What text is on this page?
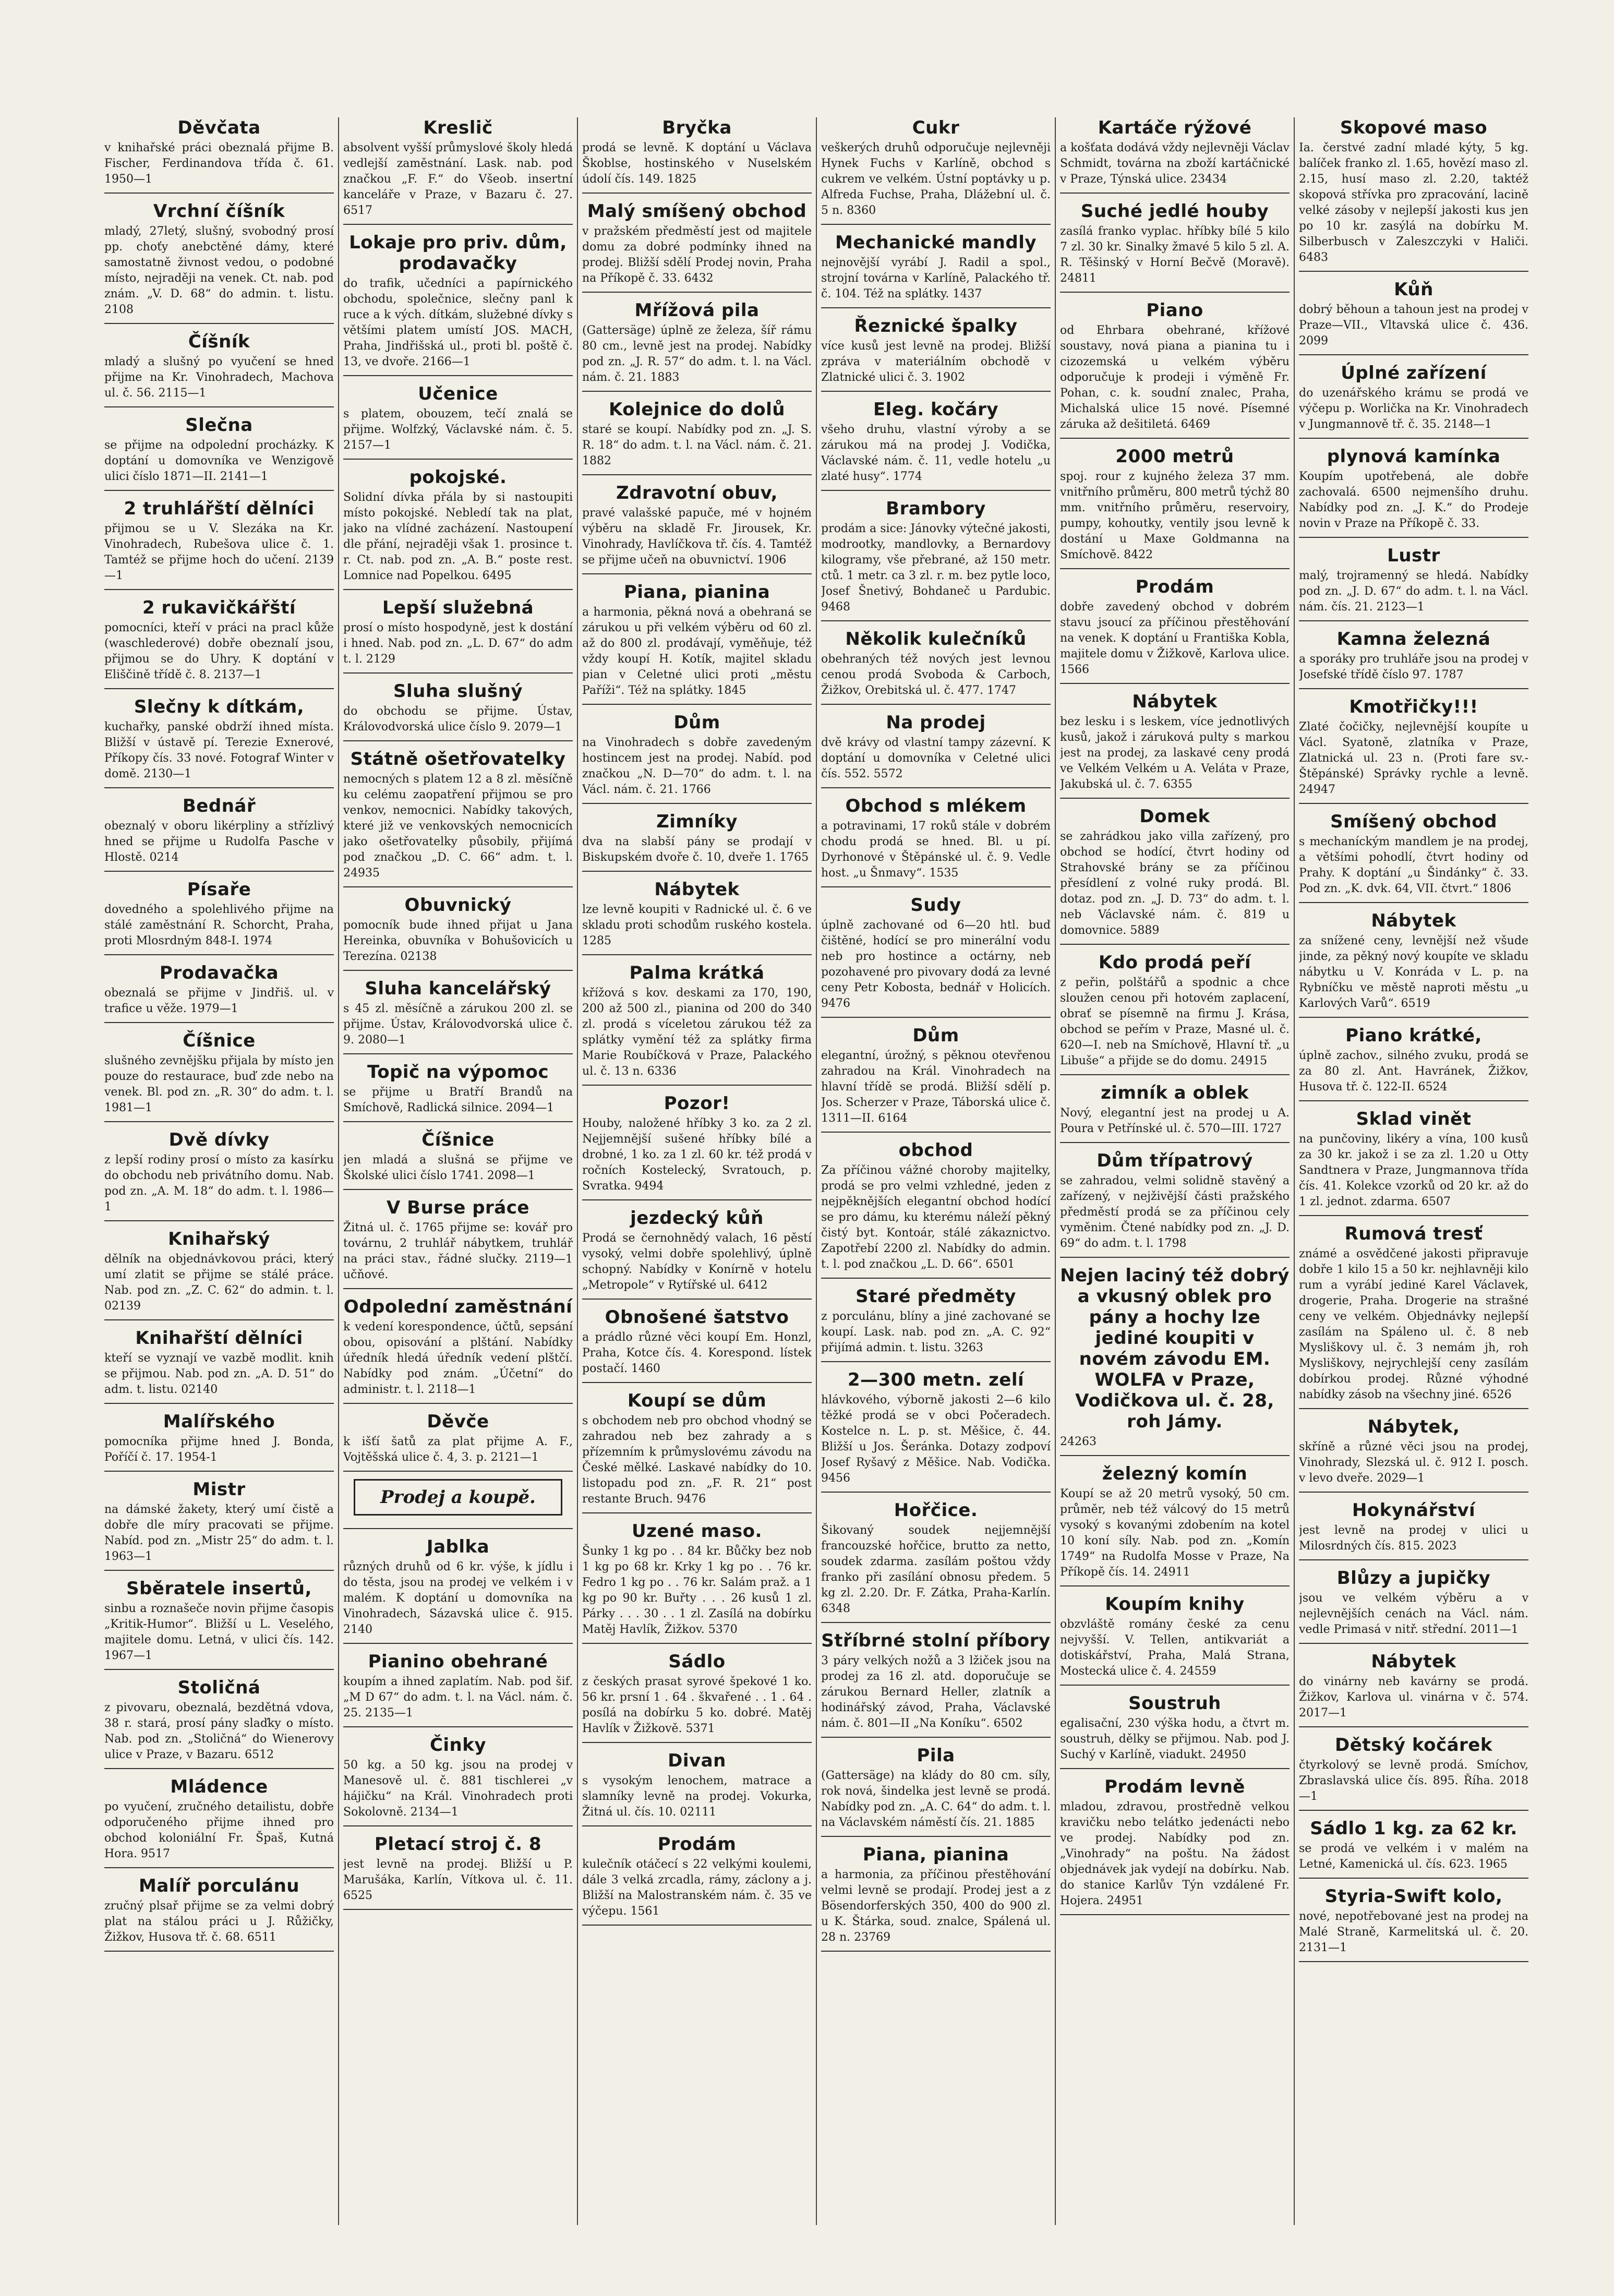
Děvčata

v knihařské práci obeznalá přijme B. Fischer, Ferdinandova třída č. 61. 1950—1

Vrchní číšník

mladý, 27letý, slušný, svobodný prosí pp. choťy anebctěné dámy, které samostatně živnost vedou, o podobné místo, nejraději na venek. Ct. nab. pod znám. „V. D. 68“ do admin. t. listu. 2108

Číšník

mladý a slušný po vyučení se hned přijme na Kr. Vinohradech, Machova ul. č. 56. 2115—1

Slečna

se přijme na odpolední procházky. K doptání u domovníka ve Wenzigově ulici číslo 1871—II. 2141—1

2 truhlářští dělníci

přijmou se u V. Slezáka na Kr. Vinohradech, Rubešova ulice č. 1. Tamtéž se přijme hoch do učení. 2139—1

2 rukavičkářští

pomocníci, kteří v práci na pracl kůže (waschlederové) dobře obeznalí jsou, přijmou se do Uhry. K doptání v Eliščině třídě č. 8. 2137—1

Slečny k dítkám,

kuchařky, panské obdrží ihned místa. Bližší v ústavě pí. Terezie Exnerové, Příkopy čís. 33 nové. Fotograf Winter v domě. 2130—1

Bednář

obeznalý v oboru likérpliny a střízlivý hned se přijme u Rudolfa Pasche v Hlostě. 0214

Písaře

dovedného a spolehlivého přijme na stálé zaměstnání R. Schorcht, Praha, proti Mlosrdným 848-I. 1974

Prodavačka

obeznalá se přijme v Jindřiš. ul. v trafice u věže. 1979—1

Číšnice

slušného zevnějšku přijala by místo jen pouze do restaurace, buď zde nebo na venek. Bl. pod zn. „R. 30“ do adm. t. l. 1981—1

Dvě dívky

z lepší rodiny prosí o místo za kasírku do obchodu neb privátního domu. Nab. pod zn. „A. M. 18“ do adm. t. l. 1986—1

Knihařský

dělník na objednávkovou práci, který umí zlatit se přijme se stálé práce. Nab. pod zn. „Z. C. 62“ do admin. t. l. 02139

Knihařští dělníci

kteří se vyznají ve vazbě modlit. knih se přijmou. Nab. pod zn. „A. D. 51“ do adm. t. listu. 02140

Malířského

pomocníka přijme hned J. Bonda, Poříčí č. 17. 1954-1

Mistr

na dámské žakety, který umí čistě a dobře dle míry pracovati se přijme. Nabíd. pod zn. „Mistr 25“ do adm. t. l. 1963—1

Sběratele insertů,

sinbu a roznašeče novin přijme časopis „Kritik-Humor“. Bližší u L. Veselého, majitele domu. Letná, v ulici čís. 142. 1967—1

Stoličná

z pivovaru, obeznalá, bezdětná vdova, 38 r. stará, prosí pány slaďky o místo. Nab. pod zn. „Stoličná“ do Wienerovy ulice v Praze, v Bazaru. 6512

Mládence

po vyučení, zručného detailistu, dobře odporučeného přijme ihned pro obchod koloniální Fr. Špaš, Kutná Hora. 9517

Malíř porculánu

zručný plsař přijme se za velmi dobrý plat na stálou práci u J. Růžičky, Žižkov, Husova tř. č. 68. 6511

Kreslič

absolvent vyšší průmyslové školy hledá vedlejší zaměstnání. Lask. nab. pod značkou „F. F.“ do Všeob. insertní kanceláře v Praze, v Bazaru č. 27. 6517

Lokaje pro priv. dům, prodavačky

do trafik, učedníci a papírnického obchodu, společnice, slečny panl k ruce a k vých. dítkám, služebné dívky s většími platem umístí JOS. MACH, Praha, Jindřišská ul., proti bl. poště č. 13, ve dvoře. 2166—1

Učenice

s platem, obouzem, tečí znalá se přijme. Wolfzký, Václavské nám. č. 5. 2157—1

pokojské.

Solidní dívka přála by si nastoupiti místo pokojské. Nebledí tak na plat, jako na vlídné zacházení. Nastoupení dle přání, nejraději však 1. prosince t. r. Ct. nab. pod zn. „A. B.“ poste rest. Lomnice nad Popelkou. 6495

Lepší služebná

prosí o místo hospodyně, jest k dostání i hned. Nab. pod zn. „L. D. 67“ do adm t. l. 2129

Sluha slušný

do obchodu se přijme. Ústav, Královodvorská ulice číslo 9. 2079—1

Státně ošetřovatelky

nemocných s platem 12 a 8 zl. měsíčně ku celému zaopatření přijmou se pro venkov, nemocnici. Nabídky takových, které již ve venkovských nemocnicích jako ošetřovatelky působily, přijímá pod značkou „D. C. 66“ adm. t. l. 24935

Obuvnický

pomocník bude ihned přijat u Jana Hereinka, obuvníka v Bohušovicích u Terezína. 02138

Sluha kancelářský

s 45 zl. měsíčně a zárukou 200 zl. se přijme. Ústav, Královodvorská ulice č. 9. 2080—1

Topič na výpomoc

se přijme u Bratří Brandů na Smíchově, Radlická silnice. 2094—1

Číšnice

jen mladá a slušná se přijme ve Školské ulici číslo 1741. 2098—1

V Burse práce

Žitná ul. č. 1765 přijme se: kovář pro továrnu, 2 truhlář nábytkem, truhlář na práci stav., řádné slučky. 2119—1 učňové.

Odpolední zaměstnání

k vedení korespondence, účtů, sepsání obou, opisování a plštání. Nabídky úředník hledá úředník vedení plštčí. Nabídky pod znám. „Účetní“ do administr. t. l. 2118—1

Děvče

k išťí šatů za plat přijme A. F., Vojtěšská ulice č. 4, 3. p. 2121—1

Prodej a koupě.
Jablka

různých druhů od 6 kr. výše, k jídlu i do těsta, jsou na prodej ve velkém i v malém. K doptání u domovníka na Vinohradech, Sázavská ulice č. 915. 2140

Pianino obehrané

koupím a ihned zaplatím. Nab. pod šif. „M D 67“ do adm. t. l. na Václ. nám. č. 25. 2135—1

Činky

50 kg. a 50 kg. jsou na prodej v Manesově ul. č. 881 tischlerei „v hájičku“ na Král. Vinohradech proti Sokolovně. 2134—1

Pletací stroj č. 8

jest levně na prodej. Bližší u P. Marušáka, Karlín, Vítkova ul. č. 11. 6525

Bryčka

prodá se levně. K doptání u Václava Škoblse, hostinského v Nuselském údolí čís. 149. 1825

Malý smíšený obchod

v pražském předměstí jest od majitele domu za dobré podmínky ihned na prodej. Bližší sdělí Prodej novin, Praha na Příkopě č. 33. 6432

Mřížová pila

(Gattersäge) úplně ze železa, šíř rámu 80 cm., levně jest na prodej. Nabídky pod zn. „J. R. 57“ do adm. t. l. na Václ. nám. č. 21. 1883

Kolejnice do dolů

staré se koupí. Nabídky pod zn. „J. S. R. 18“ do adm. t. l. na Václ. nám. č. 21. 1882

Zdravotní obuv,

pravé valašské papuče, mé v hojném výběru na skladě Fr. Jirousek, Kr. Vinohrady, Havlíčkova tř. čís. 4. Tamtéž se přijme učeň na obuvnictví. 1906

Piana, pianina

a harmonia, pěkná nová a obehraná se zárukou u při velkém výběru od 60 zl. až do 800 zl. prodávají, vyměňuje, též vždy koupí H. Kotík, majitel skladu pian v Celetné ulici proti „městu Paříži“. Též na splátky. 1845

Dům

na Vinohradech s dobře zavedeným hostincem jest na prodej. Nabíd. pod značkou „N. D—70“ do adm. t. l. na Václ. nám. č. 21. 1766

Zimníky

dva na slabší pány se prodají v Biskupském dvoře č. 10, dveře 1. 1765

Nábytek

lze levně koupiti v Radnické ul. č. 6 ve skladu proti schodům ruského kostela. 1285

Palma krátká

křížová s kov. deskami za 170, 190, 200 až 500 zl., pianina od 200 do 340 zl. prodá s víceletou zárukou též za splátky vymění též za splátky firma Marie Roubíčková v Praze, Palackého ul. č. 13 n. 6336

Pozor!

Houby, naložené hříbky 3 ko. za 2 zl. Nejjemnější sušené hříbky bílé a drobné, 1 ko. za 1 zl. 60 kr. též prodá v ročních Kostelecký, Svratouch, p. Svratka. 9494

jezdecký kůň

Prodá se černohnědý valach, 16 pěstí vysoký, velmi dobře spolehlivý, úplně schopný. Nabídky v Konírně v hotelu „Metropole“ v Rytířské ul. 6412

Obnošené šatstvo

a prádlo různé věci koupí Em. Honzl, Praha, Kotce čís. 4. Korespond. lístek postačí. 1460

Koupí se dům

s obchodem neb pro obchod vhodný se zahradou neb bez zahrady a s přízemním k průmyslovému závodu na České mělké. Laskavé nabídky do 10. listopadu pod zn. „F. R. 21“ post restante Bruch. 9476

Uzené maso.

Šunky 1 kg po . . 84 kr. Bůčky bez nob 1 kg po 68 kr. Krky 1 kg po . . 76 kr. Fedro 1 kg po . . 76 kr. Salám praž. a 1 kg po 90 kr. Buřty . . . 26 kusů 1 zl. Párky . . . 30 . . 1 zl. Zasílá na dobírku Matěj Havlík, Žižkov. 5370

Sádlo

z českých prasat syrové špekové 1 ko. 56 kr. prsní 1 . 64 . škvařené . . 1 . 64 . posílá na dobírku 5 ko. dobré. Matěj Havlík v Žižkově. 5371

Divan

s vysokým lenochem, matrace a slamníky levně na prodej. Vokurka, Žitná ul. čís. 10. 02111

Prodám

kulečník otáčecí s 22 velkými koulemi, dále 3 velká zrcadla, rámy, záclony a j. Bližší na Malostranském nám. č. 35 ve výčepu. 1561

Cukr

veškerých druhů odporučuje nejlevněji Hynek Fuchs v Karlíně, obchod s cukrem ve velkém. Ústní poptávky u p. Alfreda Fuchse, Praha, Dlážební ul. č. 5 n. 8360

Mechanické mandly

nejnovější vyrábí J. Radil a spol., strojní továrna v Karlíně, Palackého tř. č. 104. Též na splátky. 1437

Řeznické špalky

více kusů jest levně na prodej. Bližší zpráva v materiálním obchodě v Zlatnické ulici č. 3. 1902

Eleg. kočáry

všeho druhu, vlastní výroby a se zárukou má na prodej J. Vodička, Václavské nám. č. 11, vedle hotelu „u zlaté husy“. 1774

Brambory

prodám a sice: Jánovky výtečné jakosti, modrootky, mandlovky, a Bernardovy kilogramy, vše přebrané, až 150 metr. ctů. 1 metr. ca 3 zl. r. m. bez pytle loco, Josef Šnetivý, Bohdaneč u Pardubic. 9468

Několik kulečníků

obehraných též nových jest levnou cenou prodá Svoboda & Carboch, Žižkov, Orebitská ul. č. 477. 1747

Na prodej

dvě krávy od vlastní tampy zázevní. K doptání u domovníka v Celetné ulici čís. 552. 5572

Obchod s mlékem

a potravinami, 17 roků stále v dobrém chodu prodá se hned. Bl. u pí. Dyrhonové v Štěpánské ul. č. 9. Vedle host. „u Šnmavy“. 1535

Sudy

úplně zachované od 6—20 htl. buď čištěné, hodící se pro minerální vodu neb pro hostince a octárny, neb pozohavené pro pivovary dodá za levné ceny Petr Kobosta, bednář v Holicích. 9476

Dům

elegantní, úrožný, s pěknou otevřenou zahradou na Král. Vinohradech na hlavní třídě se prodá. Bližší sdělí p. Jos. Scherzer v Praze, Táborská ulice č. 1311—II. 6164

obchod

Za příčinou vážné choroby majitelky, prodá se pro velmi vzhledné, jeden z nejpěknějších elegantní obchod hodící se pro dámu, ku kterému náleží pěkný čistý byt. Kontoár, stálé zákaznictvo. Zapotřebí 2200 zl. Nabídky do admin. t. l. pod značkou „L. D. 66“. 6501

Staré předměty

z porculánu, blíny a jiné zachované se koupí. Lask. nab. pod zn. „A. C. 92“ přijímá admin. t. listu. 3263

2—300 metn. zelí

hlávkového, výborně jakosti 2—6 kilo těžké prodá se v obci Počeradech. Kostelce n. L. p. st. Měšice, č. 44. Bližší u Jos. Šeránka. Dotazy zodpoví Josef Ryšavý z Měšice. Nab. Vodička. 9456

Hořčice.

Šikovaný soudek nejjemnější francouzské hořčice, brutto za netto, soudek zdarma. zasílám poštou vždy franko při zasílání obnosu předem. 5 kg zl. 2.20. Dr. F. Zátka, Praha-Karlín. 6348

Stříbrné stolní příbory

3 páry velkých nožů a 3 lžiček jsou na prodej za 16 zl. atd. doporučuje se zárukou Bernard Heller, zlatník a hodinářský závod, Praha, Václavské nám. č. 801—II „Na Koníku“. 6502

Pila

(Gattersäge) na klády do 80 cm. síly, rok nová, šindelka jest levně se prodá. Nabídky pod zn. „A. C. 64“ do adm. t. l. na Václavském náměstí čís. 21. 1885

Piana, pianina

a harmonia, za příčinou přestěhování velmi levně se prodají. Prodej jest a z Bösendorferských 350, 400 do 900 zl. u K. Štárka, soud. znalce, Spálená ul. 28 n. 23769

Kartáče rýžové

a košťata dodává vždy nejlevněji Václav Schmidt, továrna na zboží kartáčnické v Praze, Týnská ulice. 23434

Suché jedlé houby

zasílá franko vyplac. hříbky bílé 5 kilo 7 zl. 30 kr. Sinalky žmavé 5 kilo 5 zl. A. R. Těšinský v Horní Bečvě (Moravě). 24811

Piano

od Ehrbara obehrané, křížové soustavy, nová piana a pianina tu i cizozemská u velkém výběru odporučuje k prodeji i výměně Fr. Pohan, c. k. soudní znalec, Praha, Michalská ulice 15 nové. Písemné záruka až dešitiletá. 6469

2000 metrů

spoj. rour z kujného železa 37 mm. vnitřního průměru, 800 metrů týchž 80 mm. vnitřního průměru, reservoiry, pumpy, kohoutky, ventily jsou levně k dostání u Maxe Goldmanna na Smíchově. 8422

Prodám

dobře zavedený obchod v dobrém stavu jsoucí za příčinou přestěhování na venek. K doptání u Františka Kobla, majitele domu v Žižkově, Karlova ulice. 1566

Nábytek

bez lesku i s leskem, více jednotlivých kusů, jakož i záruková pulty s markou jest na prodej, za laskavé ceny prodá ve Velkém Velkém u A. Veláta v Praze, Jakubská ul. č. 7. 6355

Domek

se zahrádkou jako villa zařízený, pro obchod se hodící, čtvrt hodiny od Strahovské brány se za příčinou přesídlení z volné ruky prodá. Bl. dotaz. pod zn. „J. D. 73“ do adm. t. l. neb Václavské nám. č. 819 u domovnice. 5889

Kdo prodá peří

z peřin, polštářů a spodnic a chce sloužen cenou při hotovém zaplacení, obrať se písemně na firmu J. Krása, obchod se peřím v Praze, Masné ul. č. 620—I. neb na Smíchově, Hlavní tř. „u Libuše“ a přijde se do domu. 24915

zimník a oblek

Nový, elegantní jest na prodej u A. Poura v Petřínské ul. č. 570—III. 1727

Dům třípatrový

se zahradou, velmi solidně stavěný a zařízený, v nejživější části pražského předměstí prodá se za příčinou cely vyměnim. Čtené nabídky pod zn. „J. D. 69“ do adm. t. l. 1798

Nejen laciný též dobrý a vkusný oblek pro pány a hochy lze jediné koupiti v novém závodu EM. WOLFA v Praze, Vodičkova ul. č. 28, roh Jámy.

24263

železný komín

Koupí se až 20 metrů vysoký, 50 cm. průměr, neb též válcový do 15 metrů vysoký s kovanými zdobením na kotel 10 koní síly. Nab. pod zn. „Komín 1749“ na Rudolfa Mosse v Praze, Na Příkopě čís. 14. 24911

Koupím knihy

obzvláště romány české za cenu nejvyšší. V. Tellen, antikvariát a dotiskářství, Praha, Malá Strana, Mostecká ulice č. 4. 24559

Soustruh

egalisační, 230 výška hodu, a čtvrt m. soustruh, dělky se přijmou. Nab. pod J. Suchý v Karlíně, viadukt. 24950

Prodám levně

mladou, zdravou, prostředně velkou kravičku nebo telátko jedenácti nebo ve prodej. Nabídky pod zn. „Vinohrady“ na poštu. Na žádost objednávek jak vydejí na dobírku. Nab. do stanice Karlův Týn vzdálené Fr. Hojera. 24951

Skopové maso

Ia. čerstvé zadní mladé kýty, 5 kg. balíček franko zl. 1.65, hovězí maso zl. 2.15, husí maso zl. 2.20, taktéž skopová střívka pro zpracování, lacině velké zásoby v nejlepší jakosti kus jen po 10 kr. zasýlá na dobírku M. Silberbusch v Zaleszczyki v Haliči. 6483

Kůň

dobrý běhoun a tahoun jest na prodej v Praze—VII., Vltavská ulice č. 436. 2099

Úplné zařízení

do uzenářského krámu se prodá ve výčepu p. Worličkа na Kr. Vinohradech v Jungmannově tř. č. 35. 2148—1

plynová kamínka

Koupím upotřebená, ale dobře zachovalá. 6500 nejmenšího druhu. Nabídky pod zn. „J. K.“ do Prodeje novin v Praze na Příkopě č. 33.

Lustr

malý, trojramenný se hledá. Nabídky pod zn. „J. D. 67“ do adm. t. l. na Václ. nám. čís. 21. 2123—1

Kamna železná

a sporáky pro truhláře jsou na prodej v Josefské třídě číslo 97. 1787

Kmotřičky!!!

Zlaté čočičky, nejlevnější koupíte u Václ. Syatoně, zlatníka v Praze, Zlatnická ul. 23 n. (Proti fare sv.-Štěpánské) Správky rychle a levně. 24947

Smíšený obchod

s mechaníckým mandlem je na prodej, a většími pohodlí, čtvrt hodiny od Prahy. K doptání „u Šindánky“ č. 33. Pod zn. „K. dvk. 64, VII. čtvrt.“ 1806

Nábytek

za snížené ceny, levnější než všude jinde, za pěkný nový koupíte ve skladu nábytku u V. Konráda v L. p. na Rybníčku ve městě naproti městu „u Karlových Varů“. 6519

Piano krátké,

úplně zachov., silného zvuku, prodá se za 80 zl. Ant. Havránek, Žižkov, Husova tř. č. 122-II. 6524

Sklad vinět

na punčoviny, likéry a vína, 100 kusů za 30 kr. jakož i se za zl. 1.20 u Otty Sandtnera v Praze, Jungmannova třída čís. 41. Kolekce vzorků od 20 kr. až do 1 zl. jednot. zdarma. 6507

Rumová tresť

známé a osvědčené jakosti připravuje dobře 1 kilo 15 a 50 kr. nejhlavněji kilo rum a vyrábí jediné Karel Václavek, drogerie, Praha. Drogerie na strašné ceny ve velkém. Objednávky nejlepší zasílám na Spáleno ul. č. 8 neb Mysliškovy ul. č. 3 nemám jh, roh Mysliškovy, nejrychlejší ceny zasílám dobírkou prodej. Různé výhodné nabídky zásob na všechny jiné. 6526

Nábytek,

skříně a různé věci jsou na prodej, Vinohrady, Slezská ul. č. 912 I. posch. v levo dveře. 2029—1

Hokynářství

jest levně na prodej v ulici u Milosrdných čís. 815. 2023

Blůzy a jupičky

jsou ve velkém výběru a v nejlevnějších cenách na Václ. nám. vedle Primasá v nitř. střední. 2011—1

Nábytek

do vinárny neb kavárny se prodá. Žižkov, Karlova ul. vinárna v č. 574. 2017—1

Dětský kočárek

čtyrkolový se levně prodá. Smíchov, Zbraslavská ulice čís. 895. Říha. 2018—1

Sádlo 1 kg. za 62 kr.

se prodá ve velkém i v malém na Letné, Kamenická ul. čís. 623. 1965

Styria-Swift kolo,

nové, nepotřebované jest na prodej na Malé Straně, Karmelitská ul. č. 20. 2131—1
